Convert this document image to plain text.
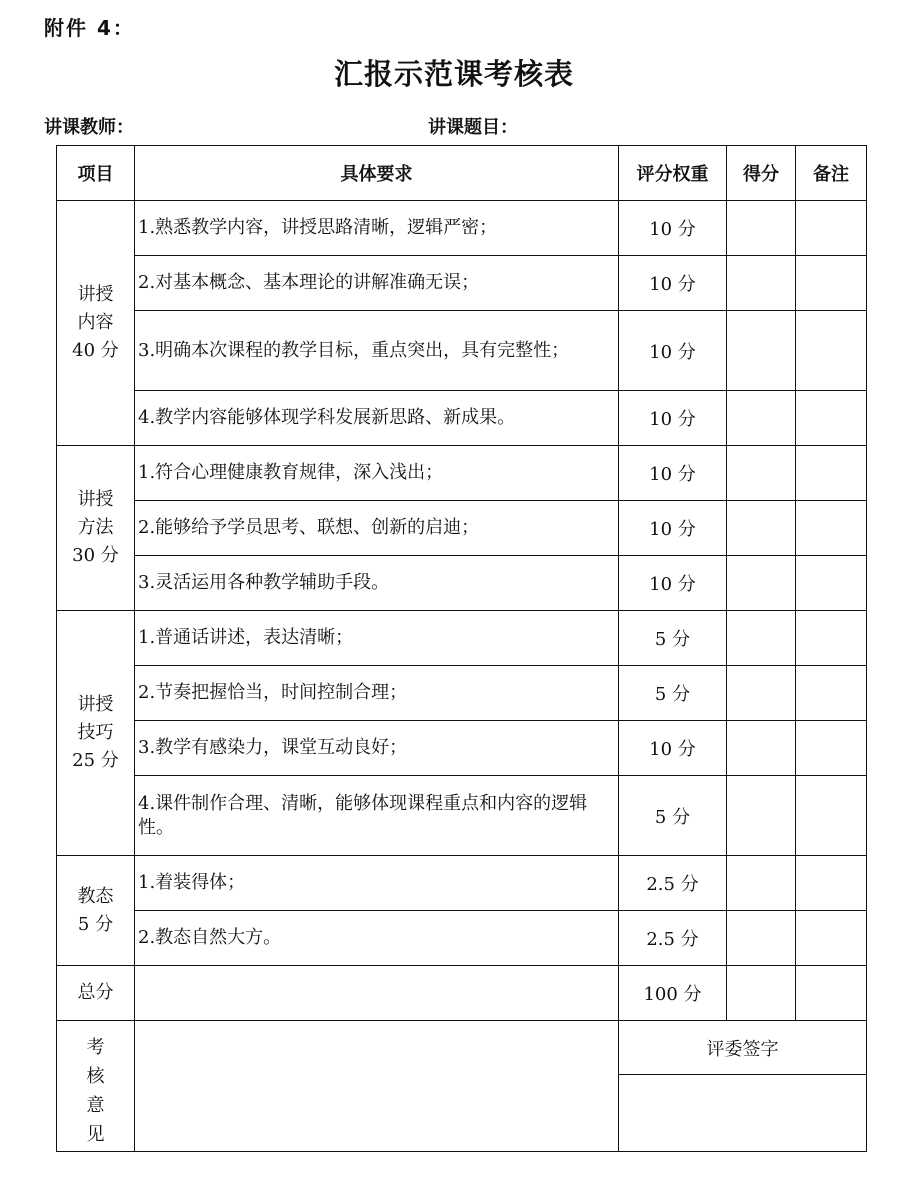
附件 4：
汇报示范课考核表
讲课教师：	讲课题目：
项目	具体要求	评分权重	得分	备注

讲授
内容
40 分	1.熟悉教学内容，讲授思路清晰，逻辑严密；	10 分		
	2.对基本概念、基本理论的讲解准确无误；	10 分		
	3.明确本次课程的教学目标，重点突出，具有完整性；	10 分		
	4.教学内容能够体现学科发展新思路、新成果。	10 分		

讲授
方法
30 分	1.符合心理健康教育规律，深入浅出；	10 分		
	2.能够给予学员思考、联想、创新的启迪；	10 分		
	3.灵活运用各种教学辅助手段。	10 分		

讲授
技巧
25 分	1.普通话讲述，表达清晰；	5 分		
	2.节奏把握恰当，时间控制合理；	5 分		
	3.教学有感染力，课堂互动良好；	10 分		
	4.课件制作合理、清晰，能够体现课程重点和内容的逻辑性。	5 分		

教态
5 分	1.着装得体；	2.5 分		
	2.教态自然大方。	2.5 分		
总分		100 分		

考
核
意
见		评委签字		
